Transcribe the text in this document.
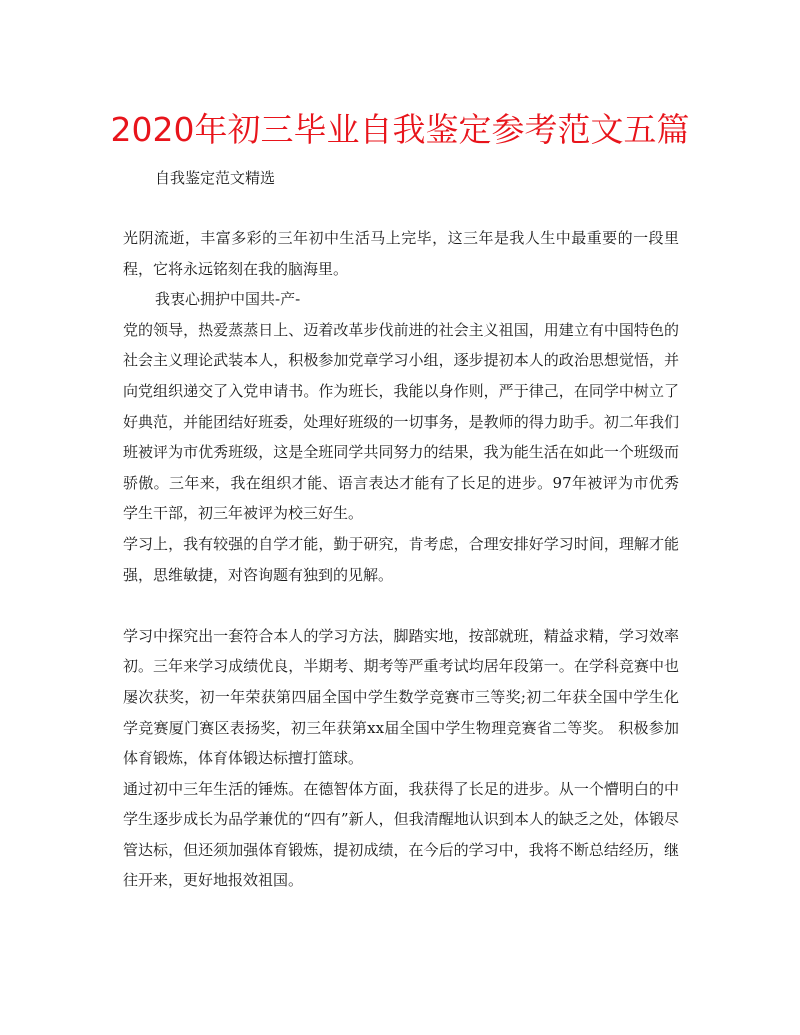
2020年初三毕业自我鉴定参考范文五篇

自我鉴定范文精选

光阴流逝，丰富多彩的三年初中生活马上完毕，这三年是我人生中最重要的一段里程，它将永远铭刻在我的脑海里。

我衷心拥护中国共-产-

党的领导，热爱蒸蒸日上、迈着改革步伐前进的社会主义祖国，用建立有中国特色的社会主义理论武装本人，积极参加党章学习小组，逐步提初本人的政治思想觉悟，并向党组织递交了入党申请书。作为班长，我能以身作则，严于律己，在同学中树立了好典范，并能团结好班委，处理好班级的一切事务，是教师的得力助手。初二年我们班被评为市优秀班级，这是全班同学共同努力的结果，我为能生活在如此一个班级而骄傲。三年来，我在组织才能、语言表达才能有了长足的进步。97年被评为市优秀学生干部，初三年被评为校三好生。

学习上，我有较强的自学才能，勤于研究，肯考虑，合理安排好学习时间，理解才能强，思维敏捷，对咨询题有独到的见解。

学习中探究出一套符合本人的学习方法，脚踏实地，按部就班，精益求精，学习效率初。三年来学习成绩优良，半期考、期考等严重考试均居年段第一。在学科竞赛中也屡次获奖，初一年荣获第四届全国中学生数学竞赛市三等奖;初二年获全国中学生化学竞赛厦门赛区表扬奖，初三年获第xx届全国中学生物理竞赛省二等奖。 积极参加体育锻炼，体育体锻达标擅打篮球。

通过初中三年生活的锤炼。在德智体方面，我获得了长足的进步。从一个懵明白的中学生逐步成长为品学兼优的“四有”新人，但我清醒地认识到本人的缺乏之处，体锻尽管达标，但还须加强体育锻炼，提初成绩，在今后的学习中，我将不断总结经历，继往开来，更好地报效祖国。
